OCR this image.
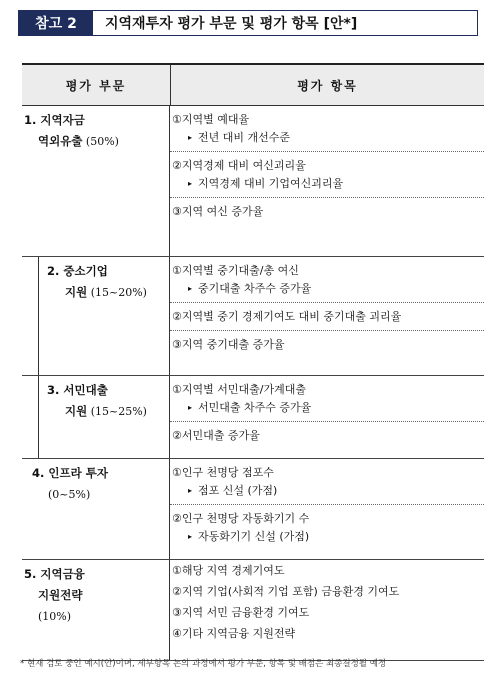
참고 2	지역재투자 평가 부문 및 평가 항목 [안*]
평가 부문	평가 항목
1. 지역자금
역외유출 (50%)
①지역별 예대율
▸ 전년 대비 개선수준
②지역경제 대비 여신괴리율
▸ 지역경제 대비 기업여신괴리율
③지역 여신 증가율
2. 중소기업
지원 (15~20%)
①지역별 중기대출/총 여신
▸ 중기대출 차주수 증가율
②지역별 중기 경제기여도 대비 중기대출 괴리율
③지역 중기대출 증가율
3. 서민대출
지원 (15~25%)
①지역별 서민대출/가계대출
▸ 서민대출 차주수 증가율
②서민대출 증가율
4. 인프라 투자
(0~5%)
①인구 천명당 점포수
▸ 점포 신설 (가점)
②인구 천명당 자동화기기 수
▸ 자동화기기 신설 (가점)
5. 지역금융
지원전략
(10%)
①해당 지역 경제기여도
②지역 기업(사회적 기업 포함) 금융환경 기여도
③지역 서민 금융환경 기여도
④기타 지역금융 지원전략
* 현재 검토 중인 예시(안)이며, 세부항목 논의 과정에서 평가 부문, 항목 및 배점은 최종결정될 예정
